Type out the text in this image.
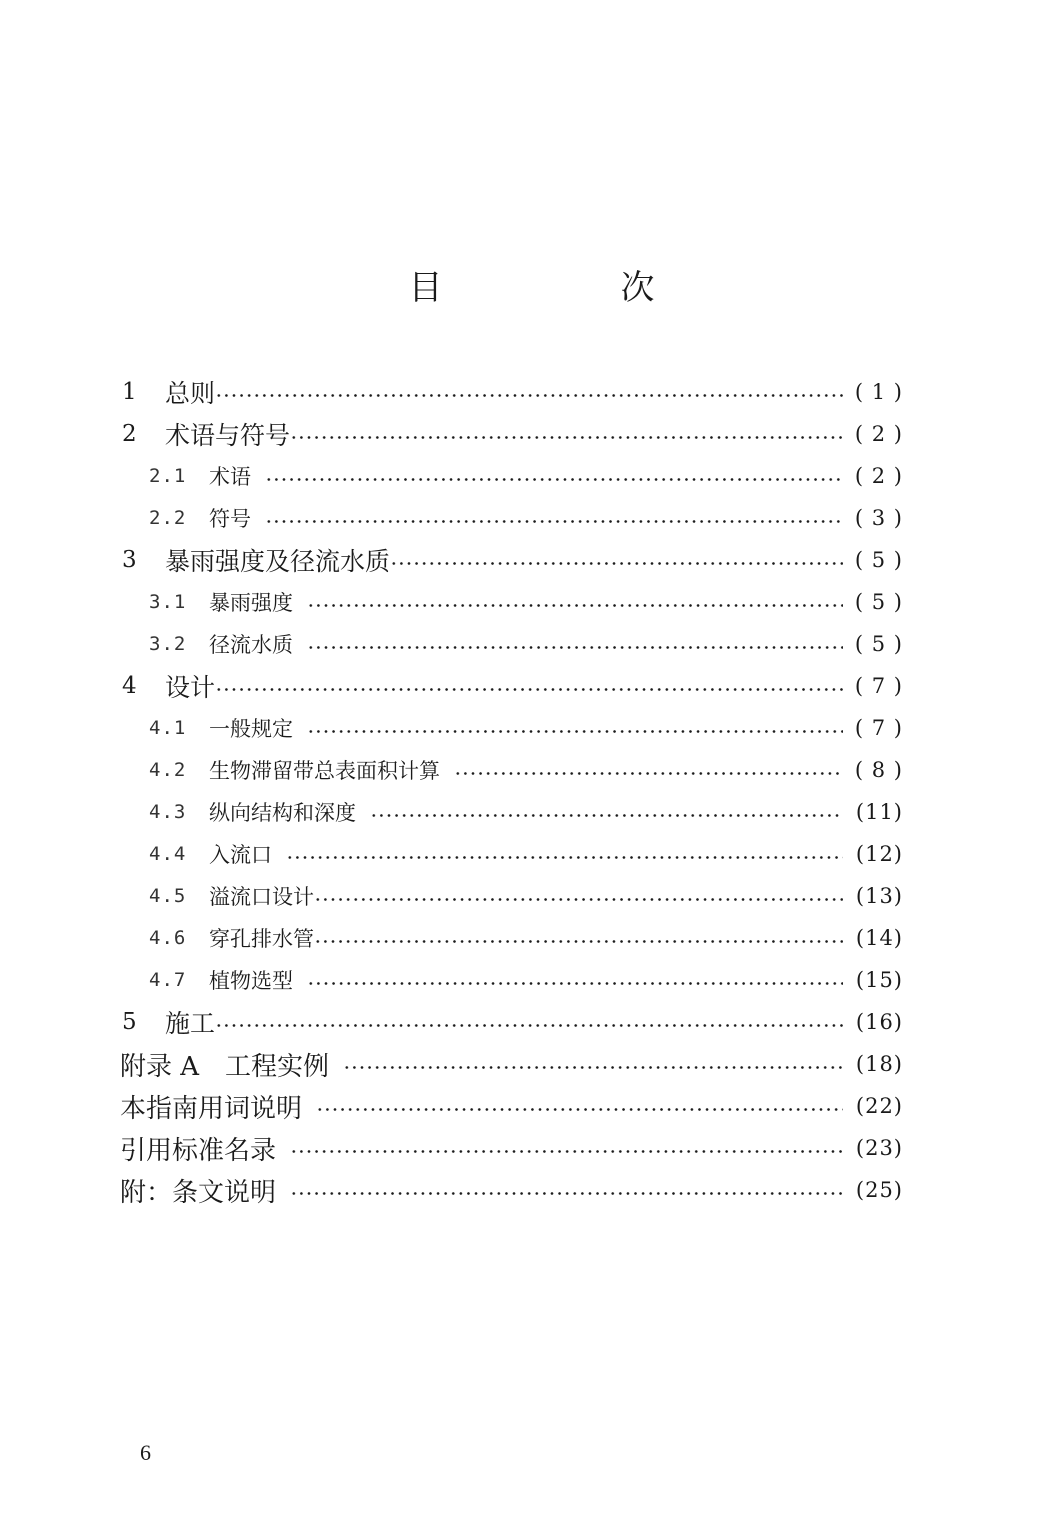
目　次
1	总则	( 1 )
2	术语与符号	( 2 )
2.1	术语	( 2 )
2.2	符号	( 3 )
3	暴雨强度及径流水质	( 5 )
3.1	暴雨强度	( 5 )
3.2	径流水质	( 5 )
4	设计	( 7 )
4.1	一般规定	( 7 )
4.2	生物滞留带总表面积计算	( 8 )
4.3	纵向结构和深度	(11)
4.4	入流口	(12)
4.5	溢流口设计	(13)
4.6	穿孔排水管	(14)
4.7	植物选型	(15)
5	施工	(16)
附录 A　工程实例	(18)
本指南用词说明	(22)
引用标准名录	(23)
附：条文说明	(25)
6
